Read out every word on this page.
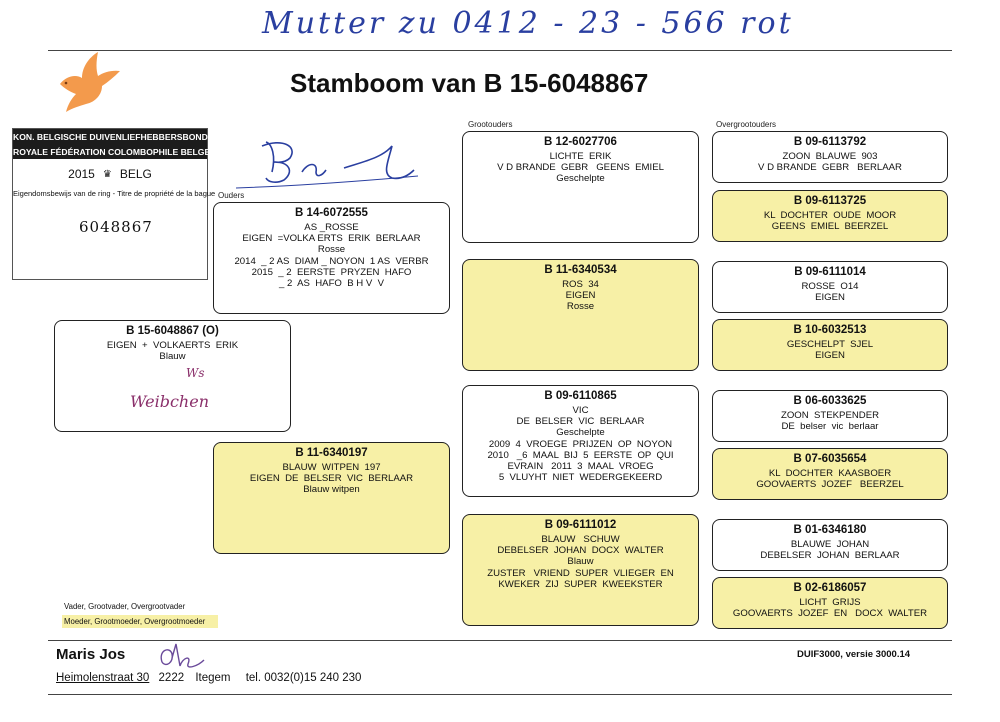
Mutter zu 0412 - 23 - 566 rot
Stamboom van B 15-6048867
KON. BELGISCHE DUIVENLIEFHEBBERSBOND
ROYALE FÉDÉRATION COLOMBOPHILE BELGE
2015 ♛ BELG
Eigendomsbewijs van de ring - Titre de propriété de la bague
6048867
Ouders
Grootouders	Overgrootouders
B 15-6048867 (O)
EIGEN  +  VOLKAERTS  ERIK
Blauw
Ws
Weibchen
B 14-6072555
AS _ROSSE
EIGEN  =VOLKA ERTS  ERIK  BERLAAR
Rosse
2014  _ 2 AS  DIAM _ NOYON  1 AS  VERBR
2015  _ 2  EERSTE  PRYZEN  HAFO
_ 2  AS  HAFO  B H V  V
B 11-6340197
BLAUW  WITPEN  197
EIGEN  DE  BELSER  VIC  BERLAAR
Blauw witpen
B 12-6027706
LICHTE  ERIK
V D BRANDE  GEBR   GEENS  EMIEL
Geschelpte
B 11-6340534
ROS  34
EIGEN
Rosse
B 09-6110865
VIC
DE  BELSER  VIC  BERLAAR
Geschelpte
2009  4  VROEGE  PRIJZEN  OP  NOYON
2010   _6  MAAL  BIJ  5  EERSTE  OP  QUI
EVRAIN   2011  3  MAAL  VROEG
5  VLUYHT  NIET  WEDERGEKEERD
B 09-6111012
BLAUW   SCHUW
DEBELSER  JOHAN  DOCX  WALTER
Blauw
ZUSTER   VRIEND  SUPER  VLIEGER  EN
KWEKER  ZIJ  SUPER  KWEEKSTER
B 09-6113792
ZOON  BLAUWE  903
V D BRANDE  GEBR   BERLAAR
B 09-6113725
KL  DOCHTER  OUDE  MOOR
GEENS  EMIEL  BEERZEL
B 09-6111014
ROSSE  O14
EIGEN
B 10-6032513
GESCHELPT  SJEL
EIGEN
B 06-6033625
ZOON  STEKPENDER
DE  belser  vic  berlaar
B 07-6035654
KL  DOCHTER  KAASBOER
GOOVAERTS  JOZEF   BEERZEL
B 01-6346180
BLAUWE  JOHAN
DEBELSER  JOHAN  BERLAAR
B 02-6186057
LICHT  GRIJS
GOOVAERTS  JOZEF  EN   DOCX  WALTER
Vader, Grootvader, Overgrootvader
Moeder, Grootmoeder, Overgrootmoeder
Maris Jos
Heimolenstraat 30 2222 Itegem tel. 0032(0)15 240 230
DUIF3000, versie 3000.14
